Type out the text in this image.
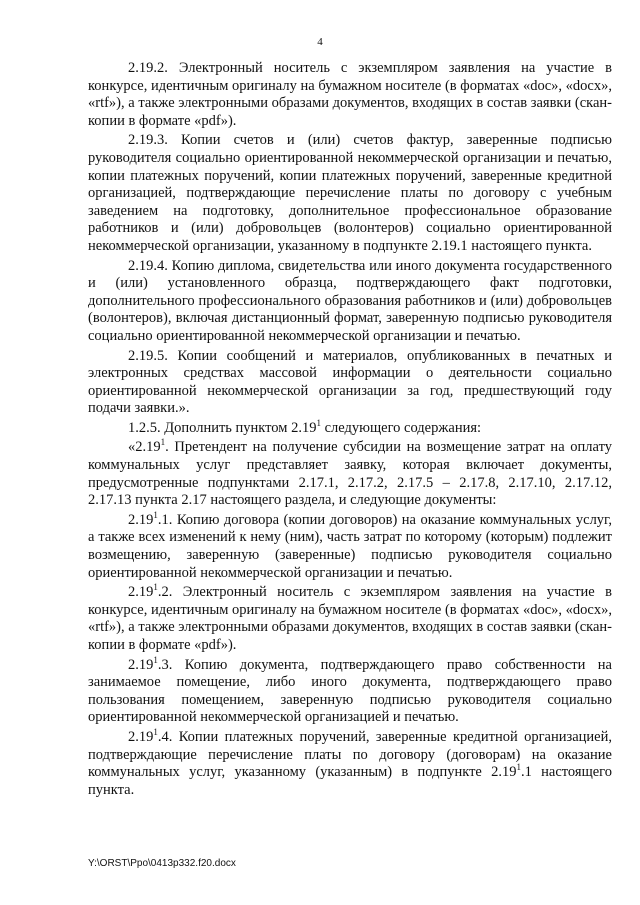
4

2.19.2. Электронный носитель с экземпляром заявления на участие в конкурсе, идентичным оригиналу на бумажном носителе (в форматах «doc», «docx», «rtf»), а также электронными образами документов, входящих в состав заявки (скан-копии в формате «pdf»).

2.19.3. Копии счетов и (или) счетов фактур, заверенные подписью руководителя социально ориентированной некоммерческой организации и печатью, копии платежных поручений, копии платежных поручений, заверенные кредитной организацией, подтверждающие перечисление платы по договору с учебным заведением на подготовку, дополнительное профессиональное образование работников и (или) добровольцев (волонтеров) социально ориентированной некоммерческой организации, указанному в подпункте 2.19.1 настоящего пункта.

2.19.4. Копию диплома, свидетельства или иного документа государственного и (или) установленного образца, подтверждающего факт подготовки, дополнительного профессионального образования работников и (или) добровольцев (волонтеров), включая дистанционный формат, заверенную подписью руководителя социально ориентированной некоммерческой организации и печатью.

2.19.5. Копии сообщений и материалов, опубликованных в печатных и электронных средствах массовой информации о деятельности социально ориентированной некоммерческой организации за год, предшествующий году подачи заявки.».

1.2.5. Дополнить пунктом 2.19$^1$ следующего содержания:

«2.19$^1$. Претендент на получение субсидии на возмещение затрат на оплату коммунальных услуг представляет заявку, которая включает документы, предусмотренные подпунктами 2.17.1, 2.17.2, 2.17.5 – 2.17.8, 2.17.10, 2.17.12, 2.17.13 пункта 2.17 настоящего раздела, и следующие документы:

2.19$^1$.1. Копию договора (копии договоров) на оказание коммунальных услуг, а также всех изменений к нему (ним), часть затрат по которому (которым) подлежит возмещению, заверенную (заверенные) подписью руководителя социально ориентированной некоммерческой организации и печатью.

2.19$^1$.2. Электронный носитель с экземпляром заявления на участие в конкурсе, идентичным оригиналу на бумажном носителе (в форматах «doc», «docx», «rtf»), а также электронными образами документов, входящих в состав заявки (скан-копии в формате «pdf»).

2.19$^1$.3. Копию документа, подтверждающего право собственности на занимаемое помещение, либо иного документа, подтверждающего право пользования помещением, заверенную подписью руководителя социально ориентированной некоммерческой организацией и печатью.

2.19$^1$.4. Копии платежных поручений, заверенные кредитной организацией, подтверждающие перечисление платы по договору (договорам) на оказание коммунальных услуг, указанному (указанным) в подпункте 2.19$^1$.1 настоящего пункта.

Y:\ORST\Ppo\0413p332.f20.docx
